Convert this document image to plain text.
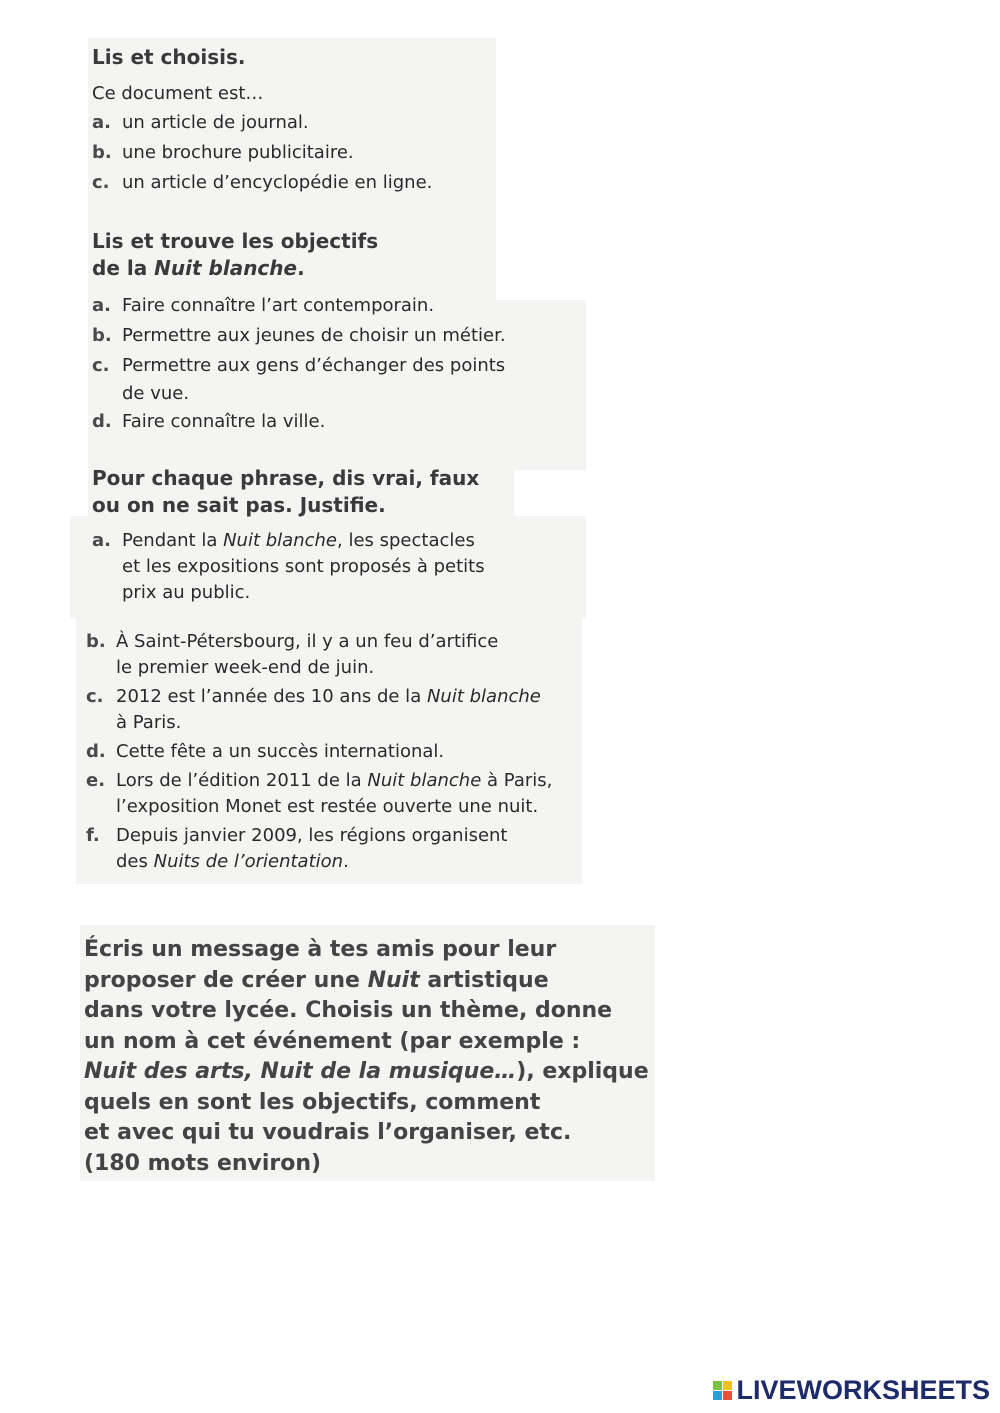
Lis et choisis.

Ce document est…

a. un article de journal.
b. une brochure publicitaire.
c. un article d’encyclopédie en ligne.

Lis et trouve les objectifs
de la Nuit blanche.

a. Faire connaître l’art contemporain.
b. Permettre aux jeunes de choisir un métier.
c. Permettre aux gens d’échanger des points
de vue.
d. Faire connaître la ville.

Pour chaque phrase, dis vrai, faux
ou on ne sait pas. Justifie.

a. Pendant la Nuit blanche, les spectacles
et les expositions sont proposés à petits
prix au public.
b. À Saint-Pétersbourg, il y a un feu d’artifice
le premier week-end de juin.
c. 2012 est l’année des 10 ans de la Nuit blanche
à Paris.
d. Cette fête a un succès international.
e. Lors de l’édition 2011 de la Nuit blanche à Paris,
l’exposition Monet est restée ouverte une nuit.
f. Depuis janvier 2009, les régions organisent
des Nuits de l’orientation.

Écris un message à tes amis pour leur
proposer de créer une Nuit artistique
dans votre lycée. Choisis un thème, donne
un nom à cet événement (par exemple :
Nuit des arts, Nuit de la musique…), explique
quels en sont les objectifs, comment
et avec qui tu voudrais l’organiser, etc.
(180 mots environ)

LIVEWORKSHEETS
